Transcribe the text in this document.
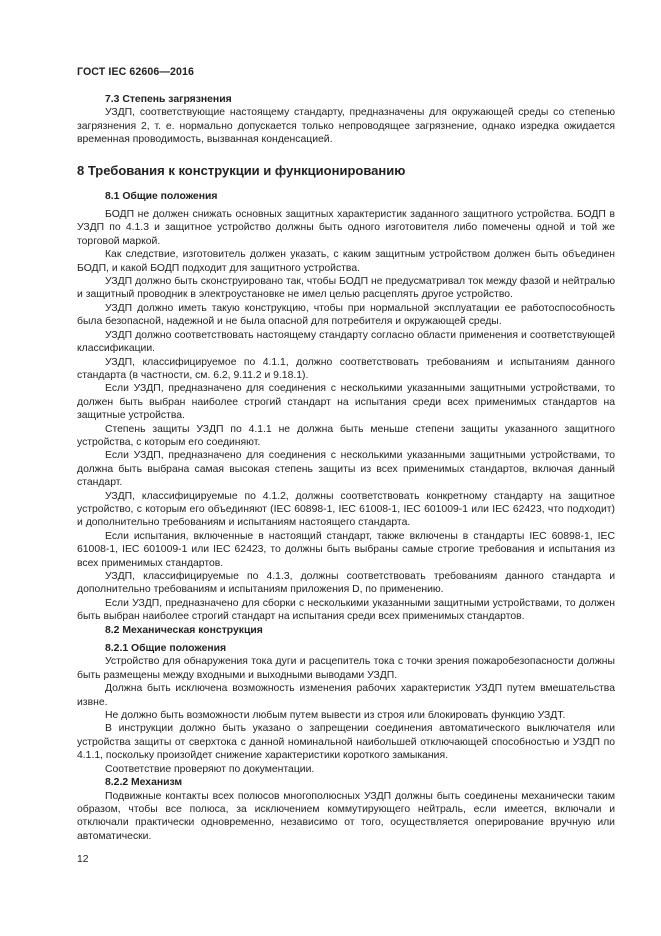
ГОСТ IEC 62606—2016

7.3 Степень загрязнения

УЗДП, соответствующие настоящему стандарту, предназначены для окружающей среды со степенью загрязнения 2, т. е. нормально допускается только непроводящее загрязнение, однако изредка ожидается временная проводимость, вызванная конденсацией.

8 Требования к конструкции и функционированию

8.1 Общие положения

БОДП не должен снижать основных защитных характеристик заданного защитного устройства. БОДП в УЗДП по 4.1.3 и защитное устройство должны быть одного изготовителя либо помечены одной и той же торговой маркой.

Как следствие, изготовитель должен указать, с каким защитным устройством должен быть объединен БОДП, и какой БОДП подходит для защитного устройства.

УЗДП должно быть сконструировано так, чтобы БОДП не предусматривал ток между фазой и нейтралью и защитный проводник в электроустановке не имел целью расцеплять другое устройство.

УЗДП должно иметь такую конструкцию, чтобы при нормальной эксплуатации ее работоспособность была безопасной, надежной и не была опасной для потребителя и окружающей среды.

УЗДП должно соответствовать настоящему стандарту согласно области применения и соответствующей классификации.

УЗДП, классифицируемое по 4.1.1, должно соответствовать требованиям и испытаниям данного стандарта (в частности, см. 6.2, 9.11.2 и 9.18.1).

Если УЗДП, предназначено для соединения с несколькими указанными защитными устройствами, то должен быть выбран наиболее строгий стандарт на испытания среди всех применимых стандартов на защитные устройства.

Степень защиты УЗДП по 4.1.1 не должна быть меньше степени защиты указанного защитного устройства, с которым его соединяют.

Если УЗДП, предназначено для соединения с несколькими указанными защитными устройствами, то должна быть выбрана самая высокая степень защиты из всех применимых стандартов, включая данный стандарт.

УЗДП, классифицируемые по 4.1.2, должны соответствовать конкретному стандарту на защитное устройство, с которым его объединяют (IEC 60898-1, IEC 61008-1, IEC 601009-1 или IEC 62423, что подходит) и дополнительно требованиям и испытаниям настоящего стандарта.

Если испытания, включенные в настоящий стандарт, также включены в стандарты IEC 60898-1, IEC 61008-1, IEC 601009-1 или IEC 62423, то должны быть выбраны самые строгие требования и испытания из всех применимых стандартов.

УЗДП, классифицируемые по 4.1.3, должны соответствовать требованиям данного стандарта и дополнительно требованиям и испытаниям приложения D, по применению.

Если УЗДП, предназначено для сборки с несколькими указанными защитными устройствами, то должен быть выбран наиболее строгий стандарт на испытания среди всех применимых стандартов.

8.2 Механическая конструкция

8.2.1 Общие положения

Устройство для обнаружения тока дуги и расцепитель тока с точки зрения пожаробезопасности должны быть размещены между входными и выходными выводами УЗДП.

Должна быть исключена возможность изменения рабочих характеристик УЗДП путем вмешательства извне.

Не должно быть возможности любым путем вывести из строя или блокировать функцию УЗДТ.

В инструкции должно быть указано о запрещении соединения автоматического выключателя или устройства защиты от сверхтока с данной номинальной наибольшей отключающей способностью и УЗДП по 4.1.1, поскольку произойдет снижение характеристики короткого замыкания.

Соответствие проверяют по документации.

8.2.2 Механизм

Подвижные контакты всех полюсов многополюсных УЗДП должны быть соединены механически таким образом, чтобы все полюса, за исключением коммутирующего нейтраль, если имеется, включали и отключали практически одновременно, независимо от того, осуществляется оперирование вручную или автоматически.

12
